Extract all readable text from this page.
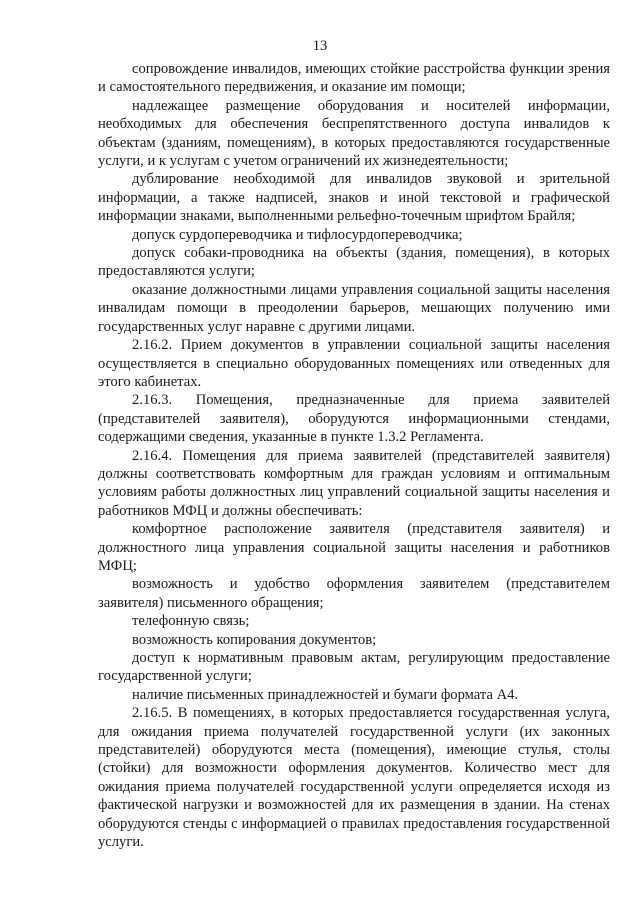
13

сопровождение инвалидов, имеющих стойкие расстройства функции зрения и самостоятельного передвижения, и оказание им помощи;

надлежащее размещение оборудования и носителей информации, необходимых для обеспечения беспрепятственного доступа инвалидов к объектам (зданиям, помещениям), в которых предоставляются государственные услуги, и к услугам с учетом ограничений их жизнедеятельности;

дублирование необходимой для инвалидов звуковой и зрительной информации, а также надписей, знаков и иной текстовой и графической информации знаками, выполненными рельефно-точечным шрифтом Брайля;

допуск сурдопереводчика и тифлосурдопереводчика;

допуск собаки-проводника на объекты (здания, помещения), в которых предоставляются услуги;

оказание должностными лицами управления социальной защиты населения инвалидам помощи в преодолении барьеров, мешающих получению ими государственных услуг наравне с другими лицами.

2.16.2. Прием документов в управлении социальной защиты населения осуществляется в специально оборудованных помещениях или отведенных для этого кабинетах.

2.16.3. Помещения, предназначенные для приема заявителей (представителей заявителя), оборудуются информационными стендами, содержащими сведения, указанные в пункте 1.3.2 Регламента.

2.16.4. Помещения для приема заявителей (представителей заявителя) должны соответствовать комфортным для граждан условиям и оптимальным условиям работы должностных лиц управлений социальной защиты населения и работников МФЦ и должны обеспечивать:

комфортное расположение заявителя (представителя заявителя) и должностного лица управления социальной защиты населения и работников МФЦ;

возможность и удобство оформления заявителем (представителем заявителя) письменного обращения;

телефонную связь;

возможность копирования документов;

доступ к нормативным правовым актам, регулирующим предоставление государственной услуги;

наличие письменных принадлежностей и бумаги формата А4.

2.16.5. В помещениях, в которых предоставляется государственная услуга, для ожидания приема получателей государственной услуги (их законных представителей) оборудуются места (помещения), имеющие стулья, столы (стойки) для возможности оформления документов. Количество мест для ожидания приема получателей государственной услуги определяется исходя из фактической нагрузки и возможностей для их размещения в здании. На стенах оборудуются стенды с информацией о правилах предоставления государственной услуги.
